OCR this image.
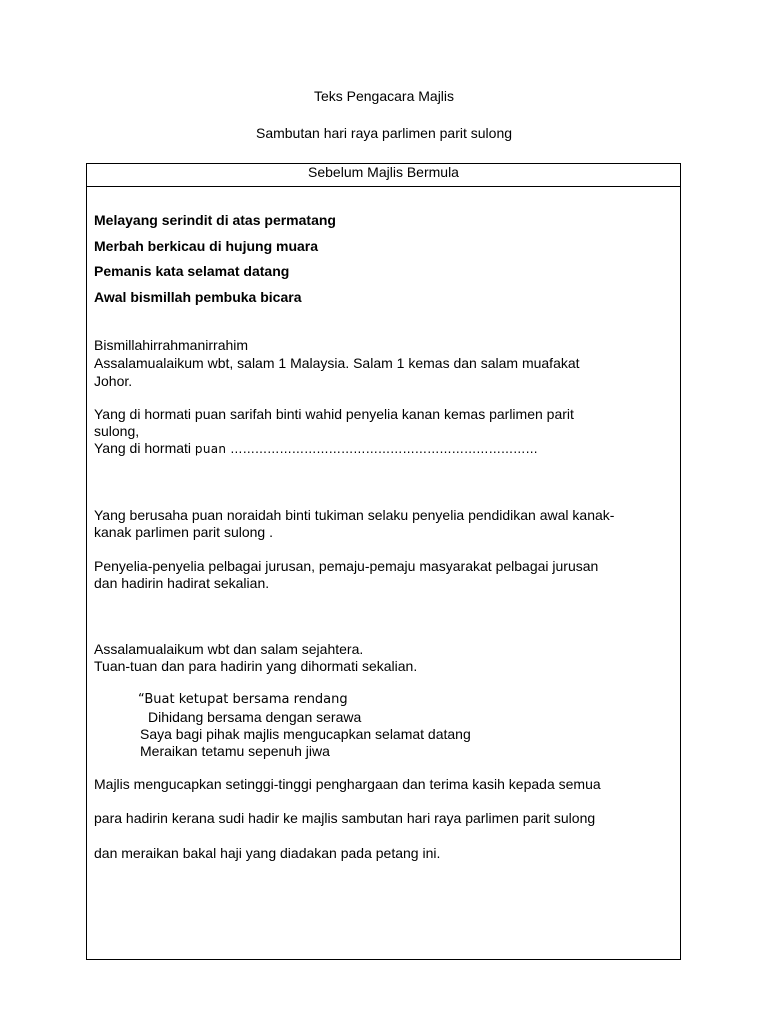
Teks Pengacara Majlis
Sambutan hari raya parlimen parit sulong
Sebelum Majlis Bermula
Melayang serindit di atas permatang
Merbah berkicau di hujung muara
Pemanis kata selamat datang
Awal bismillah pembuka bicara
Bismillahirrahmanirrahim
Assalamualaikum wbt, salam 1 Malaysia. Salam 1 kemas dan salam muafakat
Johor.
Yang di hormati puan sarifah binti wahid penyelia kanan kemas parlimen parit
sulong,
Yang di hormati puan …………………………………………………………………
Yang berusaha puan noraidah binti tukiman selaku penyelia pendidikan awal kanak-
kanak parlimen parit sulong .
Penyelia-penyelia pelbagai jurusan, pemaju-pemaju masyarakat pelbagai jurusan
dan hadirin hadirat sekalian.
Assalamualaikum wbt dan salam sejahtera.
Tuan-tuan dan para hadirin yang dihormati sekalian.
“Buat ketupat bersama rendang
Dihidang bersama dengan serawa
Saya bagi pihak majlis mengucapkan selamat datang
Meraikan tetamu sepenuh jiwa
Majlis mengucapkan setinggi-tinggi penghargaan dan terima kasih kepada semua
para hadirin kerana sudi hadir ke majlis sambutan hari raya parlimen parit sulong
dan meraikan bakal haji yang diadakan pada petang ini.
